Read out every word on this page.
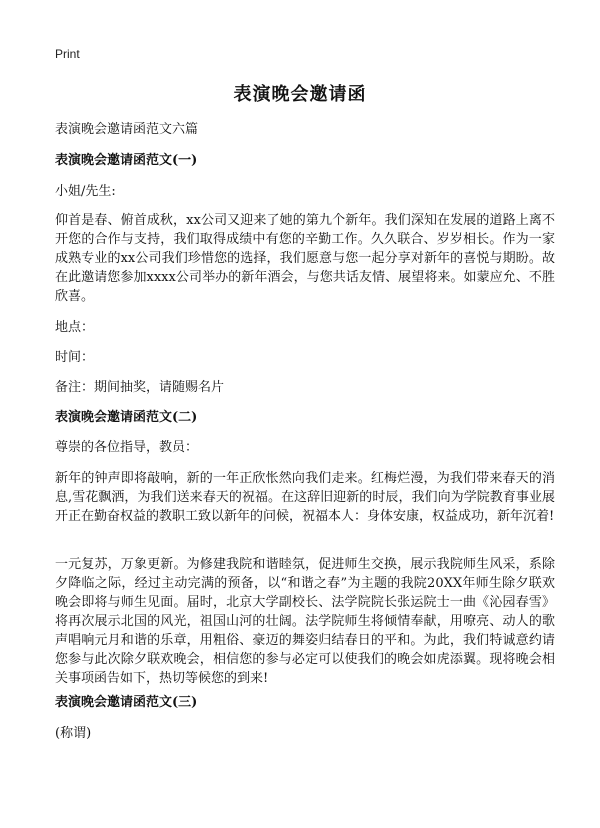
Print
表演晚会邀请函
表演晚会邀请函范文六篇
表演晚会邀请函范文(一)
小姐/先生:
仰首是春、俯首成秋，xx公司又迎来了她的第九个新年。我们深知在发展的道路上离不开您的合作与支持，我们取得成绩中有您的辛勤工作。久久联合、岁岁相长。作为一家成熟专业的xx公司我们珍惜您的选择，我们愿意与您一起分享对新年的喜悦与期盼。故在此邀请您参加xxxx公司举办的新年酒会，与您共话友情、展望将来。如蒙应允、不胜欣喜。
地点：
时间：
备注：期间抽奖，请随赐名片
表演晚会邀请函范文(二)
尊崇的各位指导，教员：
新年的钟声即将敲响，新的一年正欣怅然向我们走来。红梅烂漫，为我们带来春天的消息,雪花飘洒，为我们送来春天的祝福。在这辞旧迎新的时辰，我们向为学院教育事业展开正在勤奋权益的教职工致以新年的问候，祝福本人：身体安康，权益成功，新年沉着!
一元复苏，万象更新。为修建我院和谐睦氛，促进师生交换，展示我院师生风采，系除夕降临之际，经过主动完满的预备，以“和谐之春”为主题的我院20XX年师生除夕联欢晚会即将与师生见面。届时，北京大学副校长、法学院院长张运院士一曲《沁园春雪》将再次展示北国的风光，祖国山河的壮阔。法学院师生将倾情奉献，用嘹亮、动人的歌声唱响元月和谐的乐章，用粗俗、豪迈的舞姿归结春日的平和。为此，我们特诚意约请您参与此次除夕联欢晚会，相信您的参与必定可以使我们的晚会如虎添翼。现将晚会相关事项函告如下，热切等候您的到来!
表演晚会邀请函范文(三)
(称谓)
